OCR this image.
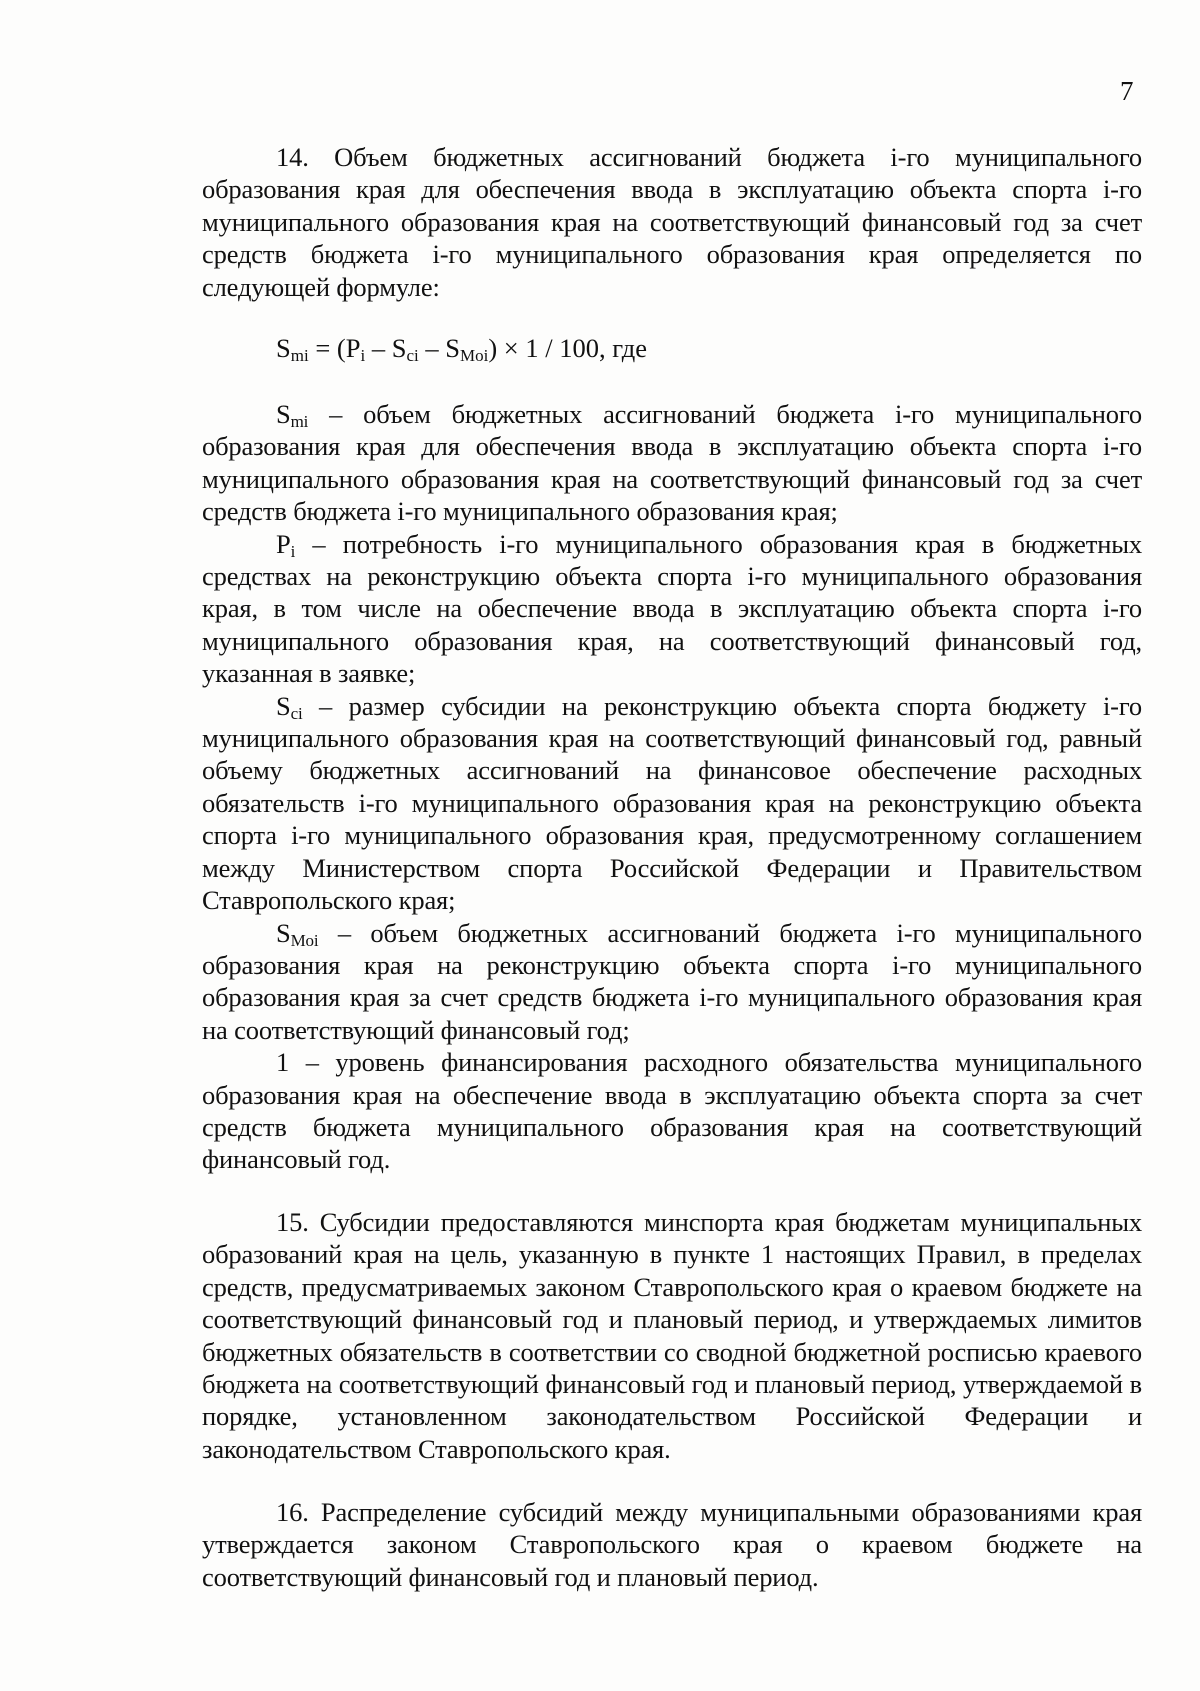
7

14. Объем бюджетных ассигнований бюджета i-го муниципального образования края для обеспечения ввода в эксплуатацию объекта спорта i-го муниципального образования края на соответствующий финансовый год за счет средств бюджета i-го муниципального образования края определяется по следующей формуле:

$S_{mi} = (P_i - S_{ci} - S_{Мoi}) \times 1 / 100$, где

$S_{mi}$ – объем бюджетных ассигнований бюджета i-го муниципального образования края для обеспечения ввода в эксплуатацию объекта спорта i-го муниципального образования края на соответствующий финансовый год за счет средств бюджета i-го муниципального образования края;

$P_i$ – потребность i-го муниципального образования края в бюджетных средствах на реконструкцию объекта спорта i-го муниципального образования края, в том числе на обеспечение ввода в эксплуатацию объекта спорта i-го муниципального образования края, на соответствующий финансовый год, указанная в заявке;

$S_{ci}$ – размер субсидии на реконструкцию объекта спорта бюджету i-го муниципального образования края на соответствующий финансовый год, равный объему бюджетных ассигнований на финансовое обеспечение расходных обязательств i-го муниципального образования края на реконструкцию объекта спорта i-го муниципального образования края, предусмотренному соглашением между Министерством спорта Российской Федерации и Правительством Ставропольского края;

$S_{Мoi}$ – объем бюджетных ассигнований бюджета i-го муниципального образования края на реконструкцию объекта спорта i-го муниципального образования края за счет средств бюджета i-го муниципального образования края на соответствующий финансовый год;

1 – уровень финансирования расходного обязательства муниципального образования края на обеспечение ввода в эксплуатацию объекта спорта за счет средств бюджета муниципального образования края на соответствующий финансовый год.

15. Субсидии предоставляются минспорта края бюджетам муниципальных образований края на цель, указанную в пункте 1 настоящих Правил, в пределах средств, предусматриваемых законом Ставропольского края о краевом бюджете на соответствующий финансовый год и плановый период, и утверждаемых лимитов бюджетных обязательств в соответствии со сводной бюджетной росписью краевого бюджета на соответствующий финансовый год и плановый период, утверждаемой в порядке, установленном законодательством Российской Федерации и законодательством Ставропольского края.

16. Распределение субсидий между муниципальными образованиями края утверждается законом Ставропольского края о краевом бюджете на соответствующий финансовый год и плановый период.
